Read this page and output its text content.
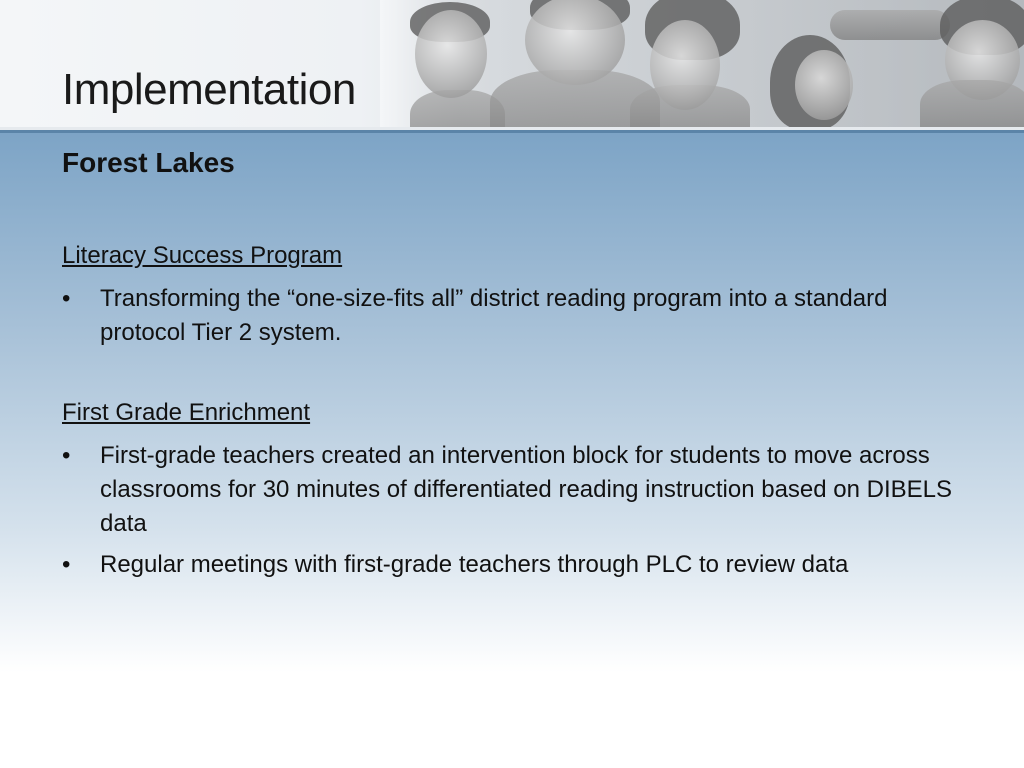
Implementation
Forest Lakes

Literacy Success Program

•	Transforming the “one-size-fits all” district reading program into a standard protocol Tier 2 system.

First Grade Enrichment

•	First-grade teachers created an intervention block for students to move across classrooms for 30 minutes of differentiated reading instruction based on DIBELS data
•	Regular meetings with first-grade teachers through PLC to review data
